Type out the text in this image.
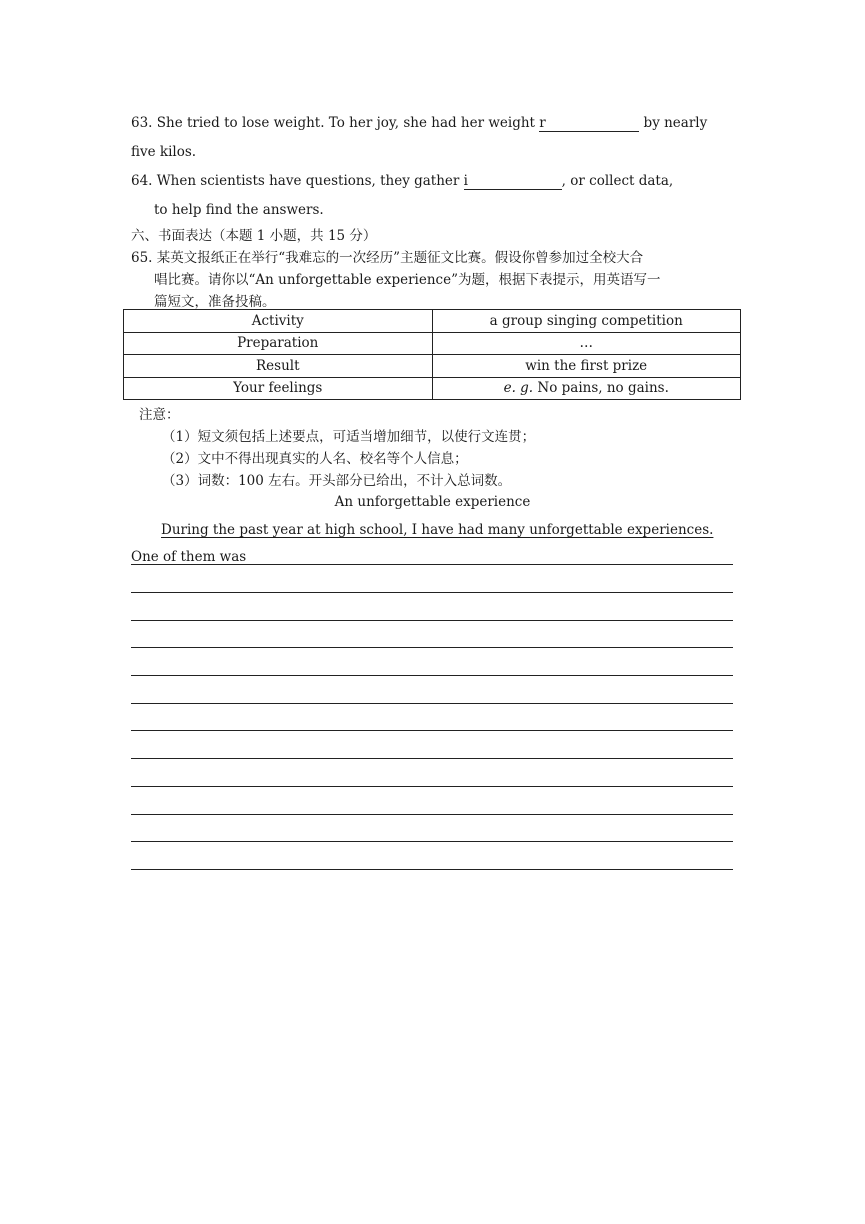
63. She tried to lose weight. To her joy, she had her weight r	by nearly
five kilos.
64. When scientists have questions, they gather i	, or collect data,
to help find the answers.
六、书面表达（本题 1 小题，共 15 分）
65. 某英文报纸正在举行“我难忘的一次经历”主题征文比赛。假设你曾参加过全校大合
唱比赛。请你以“An unforgettable experience”为题，根据下表提示，用英语写一
篇短文，准备投稿。
Activity	a group singing competition
Preparation	…
Result	win the first prize
Your feelings	e. g. No pains, no gains.
注意：
（1）短文须包括上述要点，可适当增加细节，以使行文连贯；
（2）文中不得出现真实的人名、校名等个人信息；
（3）词数：100 左右。开头部分已给出，不计入总词数。
An unforgettable experience
During the past year at high school, I have had many unforgettable experiences.
One of them was
